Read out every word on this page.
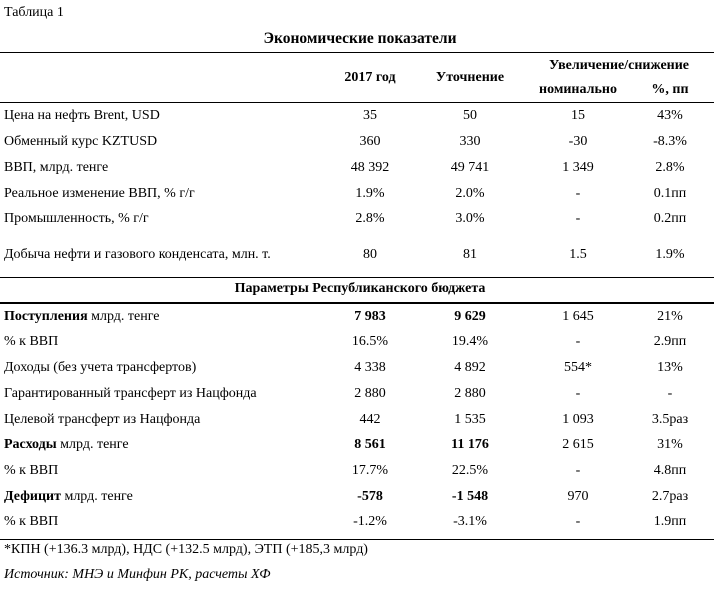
Таблица 1
Экономические показатели
2017 год	Уточнение
Увеличение/снижение
номинально	%, пп
Цена на нефть Brent, USD	35	50	15	43%
Обменный курс KZTUSD	360	330	-30	-8.3%
ВВП, млрд. тенге	48 392	49 741	1 349	2.8%
Реальное изменение ВВП, % г/г	1.9%	2.0%	-	0.1пп
Промышленность, % г/г	2.8%	3.0%	-	0.2пп
Добыча нефти и газового конденсата, млн. т.	80	81	1.5	1.9%
Параметры Республиканского бюджета
Поступления млрд. тенге	7 983	9 629	1 645	21%
% к ВВП	16.5%	19.4%	-	2.9пп
Доходы (без учета трансфертов)	4 338	4 892	554*	13%
Гарантированный трансферт из Нацфонда	2 880	2 880	-	-
Целевой трансферт из Нацфонда	442	1 535	1 093	3.5раз
Расходы млрд. тенге	8 561	11 176	2 615	31%
% к ВВП	17.7%	22.5%	-	4.8пп
Дефицит млрд. тенге	-578	-1 548	970	2.7раз
% к ВВП	-1.2%	-3.1%	-	1.9пп
*КПН (+136.3 млрд), НДС (+132.5 млрд), ЭТП (+185,3 млрд)
Источник: МНЭ и Минфин РК, расчеты ХФ
